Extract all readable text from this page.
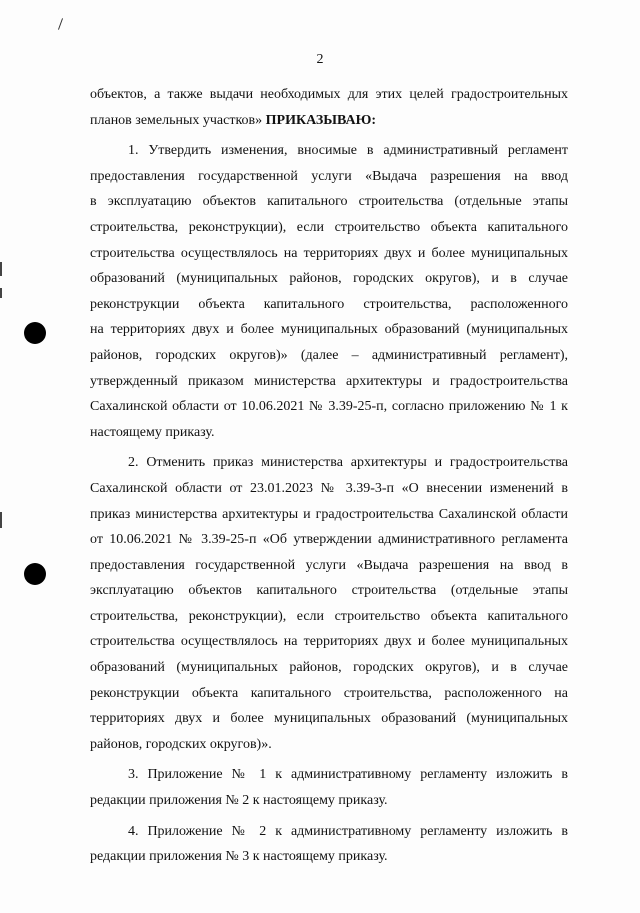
2
объектов, а также выдачи необходимых для этих целей градостроительных
планов земельных участков» ПРИКАЗЫВАЮ:
1. Утвердить изменения, вносимые в административный регламент
предоставления государственной услуги «Выдача разрешения на ввод
в эксплуатацию объектов капитального строительства (отдельные этапы
строительства, реконструкции), если строительство объекта капитального
строительства осуществлялось на территориях двух и более муниципальных
образований (муниципальных районов, городских округов), и в случае
реконструкции объекта капитального строительства, расположенного
на территориях двух и более муниципальных образований (муниципальных
районов, городских округов)» (далее – административный регламент),
утвержденный приказом министерства архитектуры и градостроительства
Сахалинской области от 10.06.2021 № 3.39-25-п, согласно приложению № 1 к
настоящему приказу.
2. Отменить приказ министерства архитектуры и градостроительства
Сахалинской области от 23.01.2023 № 3.39-3-п «О внесении изменений в
приказ министерства архитектуры и градостроительства Сахалинской области
от 10.06.2021 № 3.39-25-п «Об утверждении административного регламента
предоставления государственной услуги «Выдача разрешения на ввод в
эксплуатацию объектов капитального строительства (отдельные этапы
строительства, реконструкции), если строительство объекта капитального
строительства осуществлялось на территориях двух и более муниципальных
образований (муниципальных районов, городских округов), и в случае
реконструкции объекта капитального строительства, расположенного на
территориях двух и более муниципальных образований (муниципальных
районов, городских округов)».
3. Приложение № 1 к административному регламенту изложить в
редакции приложения № 2 к настоящему приказу.
4. Приложение № 2 к административному регламенту изложить в
редакции приложения № 3 к настоящему приказу.
